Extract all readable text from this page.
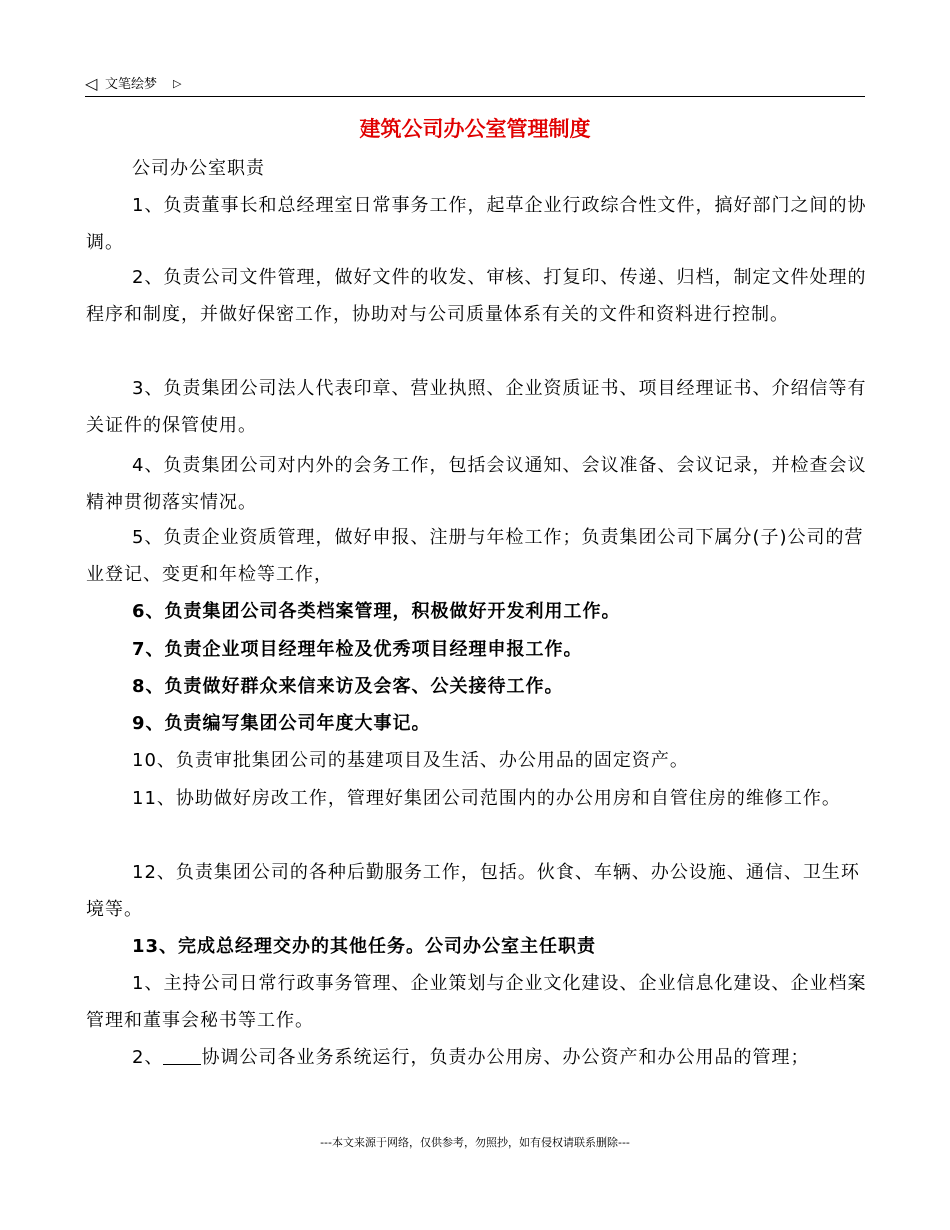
◁ 文笔绘梦 ▷
建筑公司办公室管理制度

公司办公室职责

1、负责董事长和总经理室日常事务工作，起草企业行政综合性文件，搞好部门之间的协调。

2、负责公司文件管理，做好文件的收发、审核、打复印、传递、归档，制定文件处理的程序和制度，并做好保密工作，协助对与公司质量体系有关的文件和资料进行控制。

3、负责集团公司法人代表印章、营业执照、企业资质证书、项目经理证书、介绍信等有关证件的保管使用。

4、负责集团公司对内外的会务工作，包括会议通知、会议准备、会议记录，并检查会议精神贯彻落实情况。

5、负责企业资质管理，做好申报、注册与年检工作；负责集团公司下属分(子)公司的营业登记、变更和年检等工作，

6、负责集团公司各类档案管理，积极做好开发利用工作。

7、负责企业项目经理年检及优秀项目经理申报工作。

8、负责做好群众来信来访及会客、公关接待工作。

9、负责编写集团公司年度大事记。

10、负责审批集团公司的基建项目及生活、办公用品的固定资产。

11、协助做好房改工作，管理好集团公司范围内的办公用房和自管住房的维修工作。

12、负责集团公司的各种后勤服务工作，包括。伙食、车辆、办公设施、通信、卫生环境等。

13、完成总经理交办的其他任务。公司办公室主任职责

1、主持公司日常行政事务管理、企业策划与企业文化建设、企业信息化建设、企业档案管理和董事会秘书等工作。

2、 协调公司各业务系统运行，负责办公用房、办公资产和办公用品的管理；

---本文来源于网络，仅供参考，勿照抄，如有侵权请联系删除---
